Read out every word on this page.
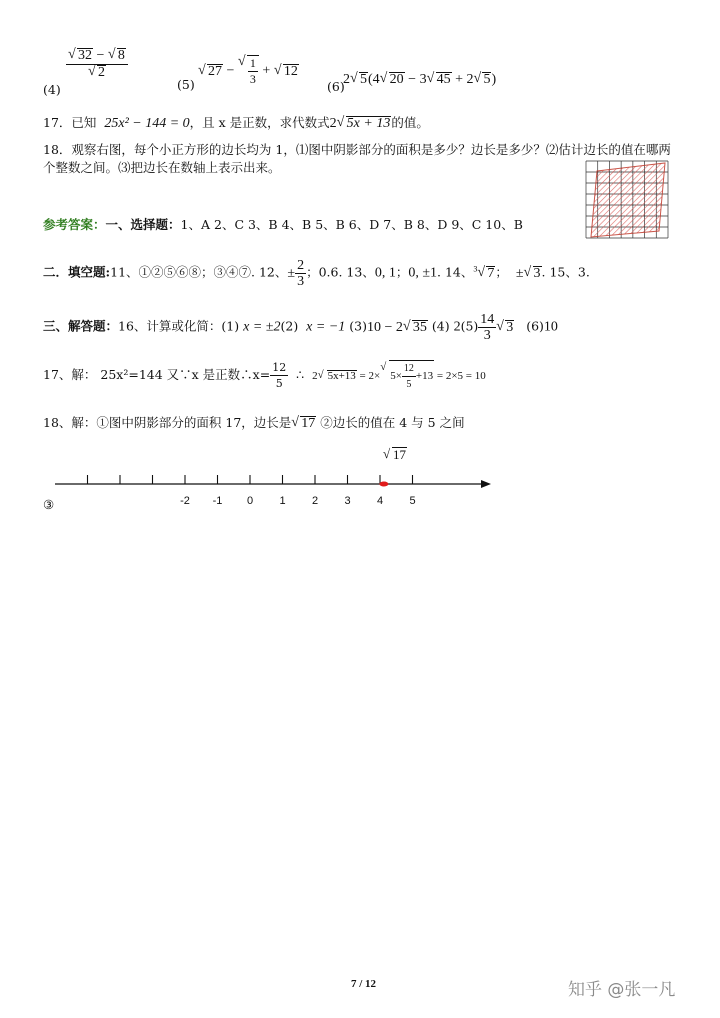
(4)
√ 32 − √ 8
√ 2
(5)
√ 27 − √ $\frac{1}{3}$ + √ 12
(6)
2 √ 5(4 √ 20 − 3 √ 45 + 2 √ 5)
17．已知 25x² − 144 = 0，且 x 是正数，求代数式2 √ 5x + 13的值。
18．观察右图，每个小正方形的边长均为 1，⑴图中阴影部分的面积是多少？边长是多少？⑵估计边长的值在哪两
个整数之间。⑶把边长在数轴上表示出来。
参考答案：一、选择题：1、A 2、C 3、B 4、B 5、B 6、D 7、B 8、D 9、C 10、B
二．填空题:11、①②⑤⑥⑧；③④⑦. 12、± $\frac{2}{3}$ ；0.6. 13、0, 1；0, ±1. 14、$^3$ √ 7； ± √ 3. 15、3.
三、解答题：16、计算或化简：(1) x = ±2(2) x = −1 (3)10 − 2 √ 35 (4) $2(5) \frac{14}{3}$ √ 3 (6)10
17、解： 25x²=144 又∵x 是正数∴x= $\frac{12}{5}$ ∴ 2 √ 5x+13 = 2× √ $5\times \frac{12}{5} +13 = 2\times 5 = 10$
18、解：①图中阴影部分的面积 17，边长是 √ 17 ②边长的值在 4 与 5 之间
√ 17
-2 -1 0 1 2 3 4 5
③
7 / 12	知乎 @张一凡
